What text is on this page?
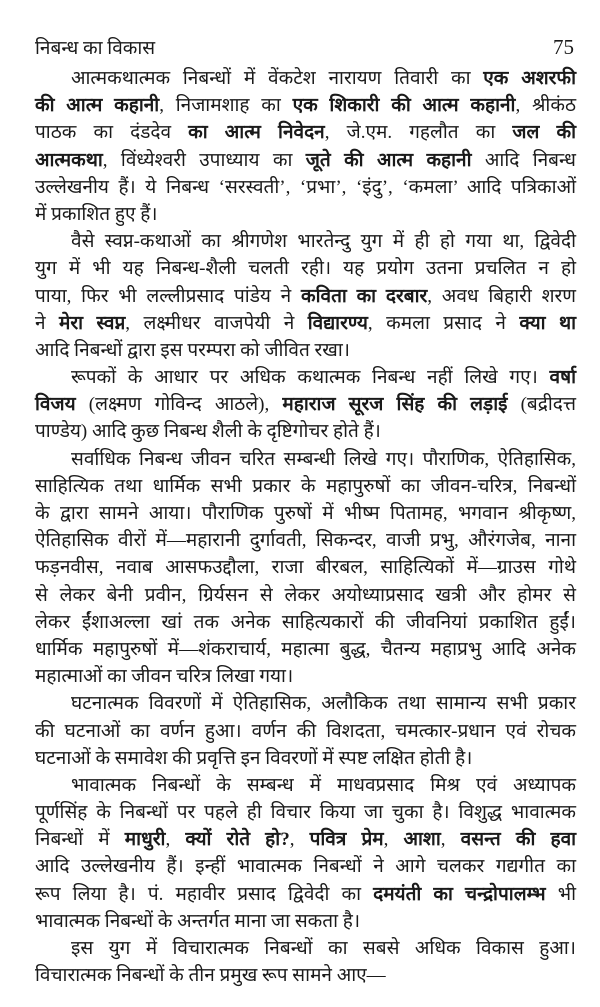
निबन्ध का विकास	75
आत्मकथात्मक निबन्धों में वेंकटेश नारायण तिवारी का एक अशरफी
की आत्म कहानी, निजामशाह का एक शिकारी की आत्म कहानी, श्रीकंठ
पाठक का दंडदेव का आत्म निवेदन, जे.एम. गहलौत का जल की
आत्मकथा, विंध्येश्वरी उपाध्याय का जूते की आत्म कहानी आदि निबन्ध
उल्लेखनीय हैं। ये निबन्ध ‘सरस्वती’, ‘प्रभा’, ‘इंदु’, ‘कमला’ आदि पत्रिकाओं
में प्रकाशित हुए हैं।
वैसे स्वप्न-कथाओं का श्रीगणेश भारतेन्दु युग में ही हो गया था, द्विवेदी
युग में भी यह निबन्ध-शैली चलती रही। यह प्रयोग उतना प्रचलित न हो
पाया, फिर भी लल्लीप्रसाद पांडेय ने कविता का दरबार, अवध बिहारी शरण
ने मेरा स्वप्न, लक्ष्मीधर वाजपेयी ने विद्यारण्य, कमला प्रसाद ने क्या था
आदि निबन्धों द्वारा इस परम्परा को जीवित रखा।
रूपकों के आधार पर अधिक कथात्मक निबन्ध नहीं लिखे गए। वर्षा
विजय (लक्ष्मण गोविन्द आठले), महाराज सूरज सिंह की लड़ाई (बद्रीदत्त
पाण्डेय) आदि कुछ निबन्ध शैली के दृष्टिगोचर होते हैं।
सर्वाधिक निबन्ध जीवन चरित सम्बन्धी लिखे गए। पौराणिक, ऐतिहासिक,
साहित्यिक तथा धार्मिक सभी प्रकार के महापुरुषों का जीवन-चरित्र, निबन्धों
के द्वारा सामने आया। पौराणिक पुरुषों में भीष्म पितामह, भगवान श्रीकृष्ण,
ऐतिहासिक वीरों में—महारानी दुर्गावती, सिकन्दर, वाजी प्रभु, औरंगजेब, नाना
फड़नवीस, नवाब आसफउद्दौला, राजा बीरबल, साहित्यिकों में—ग्राउस गोथे
से लेकर बेनी प्रवीन, ग्रिर्यसन से लेकर अयोध्याप्रसाद खत्री और होमर से
लेकर ईंशाअल्ला खां तक अनेक साहित्यकारों की जीवनियां प्रकाशित हुईं।
धार्मिक महापुरुषों में—शंकराचार्य, महात्मा बुद्ध, चैतन्य महाप्रभु आदि अनेक
महात्माओं का जीवन चरित्र लिखा गया।
घटनात्मक विवरणों में ऐतिहासिक, अलौकिक तथा सामान्य सभी प्रकार
की घटनाओं का वर्णन हुआ। वर्णन की विशदता, चमत्कार-प्रधान एवं रोचक
घटनाओं के समावेश की प्रवृत्ति इन विवरणों में स्पष्ट लक्षित होती है।
भावात्मक निबन्धों के सम्बन्ध में माधवप्रसाद मिश्र एवं अध्यापक
पूर्णसिंह के निबन्धों पर पहले ही विचार किया जा चुका है। विशुद्ध भावात्मक
निबन्धों में माधुरी, क्यों रोते हो?, पवित्र प्रेम, आशा, वसन्त की हवा
आदि उल्लेखनीय हैं। इन्हीं भावात्मक निबन्धों ने आगे चलकर गद्यगीत का
रूप लिया है। पं. महावीर प्रसाद द्विवेदी का दमयंती का चन्द्रोपालम्भ भी
भावात्मक निबन्धों के अन्तर्गत माना जा सकता है।
इस युग में विचारात्मक निबन्धों का सबसे अधिक विकास हुआ।
विचारात्मक निबन्धों के तीन प्रमुख रूप सामने आए—
